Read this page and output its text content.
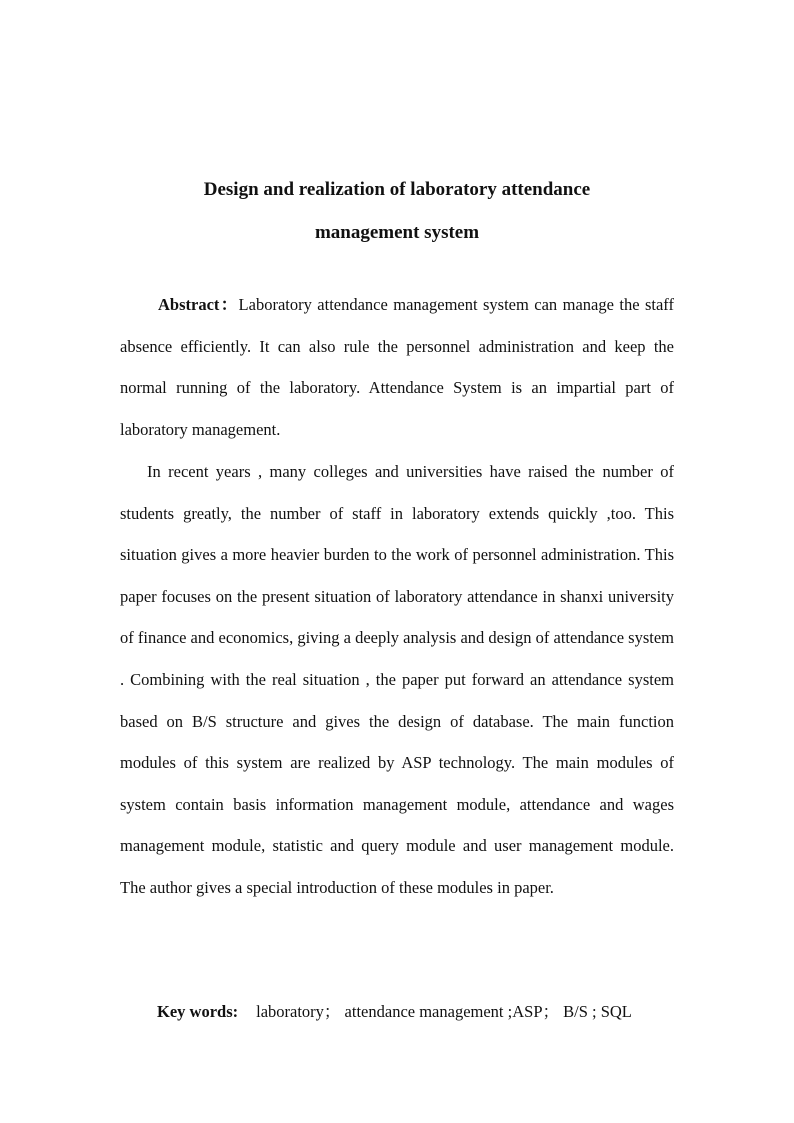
Design and realization of laboratory attendance
management system

Abstract：Laboratory attendance management system can manage the staff absence efficiently. It can also rule the personnel administration and keep the normal running of the laboratory. Attendance System is an impartial part of laboratory management.

In recent years , many colleges and universities have raised the number of students greatly, the number of staff in laboratory extends quickly ,too. This situation gives a more heavier burden to the work of personnel administration. This paper focuses on the present situation of laboratory attendance in shanxi university of finance and economics, giving a deeply analysis and design of attendance system . Combining with the real situation , the paper put forward an attendance system based on B/S structure and gives the design of database. The main function modules of this system are realized by ASP technology. The main modules of system contain basis information management module, attendance and wages management module, statistic and query module and user management module. The author gives a special introduction of these modules in paper.

Key words: laboratory； attendance management ;ASP； B/S ; SQL
